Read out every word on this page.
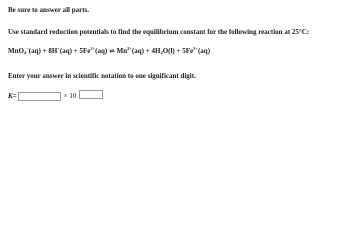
Be sure to answer all parts.
Use standard reduction potentials to find the equilibrium constant for the following reaction at 25°C:
$MnO_4^-(aq) + 8H^+(aq) + 5Fe^{2+}(aq)$ ⇌ $Mn^{2+}(aq) + 4H_2O(l) + 5Fe^{3+}(aq)$
Enter your answer in scientific notation to one significant digit.
K =	× 10
